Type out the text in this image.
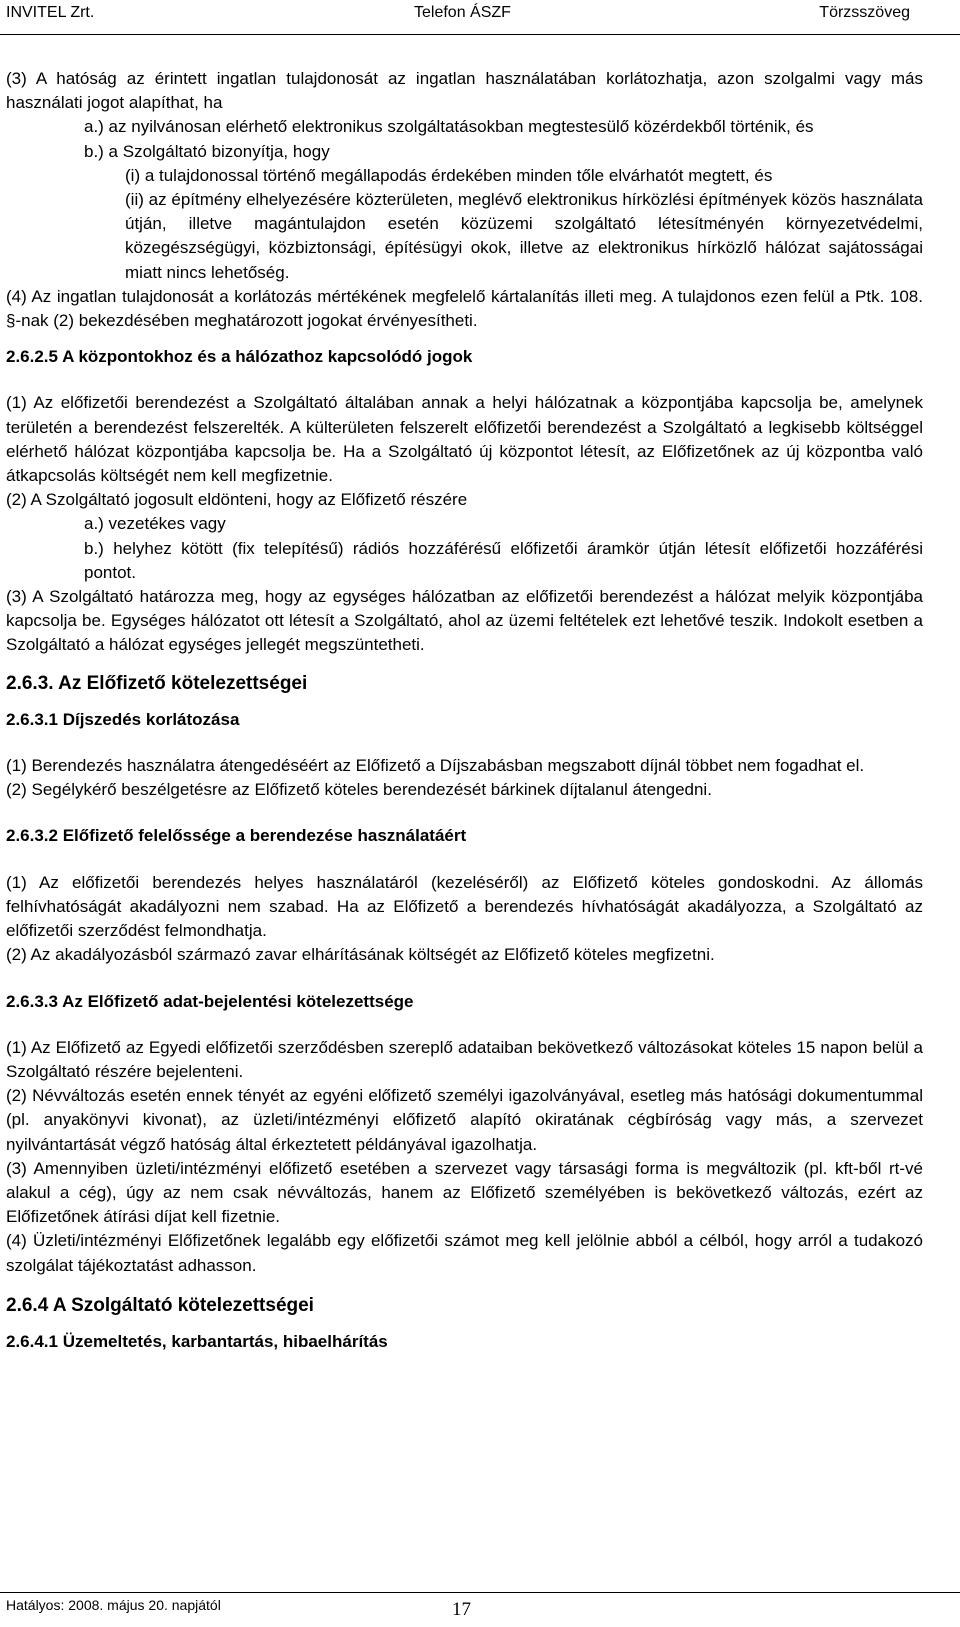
INVITEL Zrt.	Telefon ÁSZF	Törzsszöveg

(3) A hatóság az érintett ingatlan tulajdonosát az ingatlan használatában korlátozhatja, azon szolgalmi vagy más használati jogot alapíthat, ha

a.) az nyilvánosan elérhető elektronikus szolgáltatásokban megtestesülő közérdekből történik, és

b.) a Szolgáltató bizonyítja, hogy

(i) a tulajdonossal történő megállapodás érdekében minden tőle elvárhatót megtett, és

(ii) az építmény elhelyezésére közterületen, meglévő elektronikus hírközlési építmények közös használata útján, illetve magántulajdon esetén közüzemi szolgáltató létesítményén környezetvédelmi, közegészségügyi, közbiztonsági, építésügyi okok, illetve az elektronikus hírközlő hálózat sajátosságai miatt nincs lehetőség.

(4) Az ingatlan tulajdonosát a korlátozás mértékének megfelelő kártalanítás illeti meg. A tulajdonos ezen felül a Ptk. 108. §-nak (2) bekezdésében meghatározott jogokat érvényesítheti.

2.6.2.5 A központokhoz és a hálózathoz kapcsolódó jogok

(1) Az előfizetői berendezést a Szolgáltató általában annak a helyi hálózatnak a központjába kapcsolja be, amelynek területén a berendezést felszerelték. A külterületen felszerelt előfizetői berendezést a Szolgáltató a legkisebb költséggel elérhető hálózat központjába kapcsolja be. Ha a Szolgáltató új központot létesít, az Előfizetőnek az új központba való átkapcsolás költségét nem kell megfizetnie.

(2) A Szolgáltató jogosult eldönteni, hogy az Előfizető részére

a.) vezetékes vagy

b.) helyhez kötött (fix telepítésű) rádiós hozzáférésű előfizetői áramkör útján létesít előfizetői hozzáférési pontot.

(3) A Szolgáltató határozza meg, hogy az egységes hálózatban az előfizetői berendezést a hálózat melyik központjába kapcsolja be. Egységes hálózatot ott létesít a Szolgáltató, ahol az üzemi feltételek ezt lehetővé teszik. Indokolt esetben a Szolgáltató a hálózat egységes jellegét megszüntetheti.

2.6.3. Az Előfizető kötelezettségei

2.6.3.1 Díjszedés korlátozása

(1) Berendezés használatra átengedéséért az Előfizető a Díjszabásban megszabott díjnál többet nem fogadhat el.

(2) Segélykérő beszélgetésre az Előfizető köteles berendezését bárkinek díjtalanul átengedni.

2.6.3.2 Előfizető felelőssége a berendezése használatáért

(1) Az előfizetői berendezés helyes használatáról (kezeléséről) az Előfizető köteles gondoskodni. Az állomás felhívhatóságát akadályozni nem szabad. Ha az Előfizető a berendezés hívhatóságát akadályozza, a Szolgáltató az előfizetői szerződést felmondhatja.

(2) Az akadályozásból származó zavar elhárításának költségét az Előfizető köteles megfizetni.

2.6.3.3 Az Előfizető adat-bejelentési kötelezettsége

(1) Az Előfizető az Egyedi előfizetői szerződésben szereplő adataiban bekövetkező változásokat köteles 15 napon belül a Szolgáltató részére bejelenteni.

(2) Névváltozás esetén ennek tényét az egyéni előfizető személyi igazolványával, esetleg más hatósági dokumentummal (pl. anyakönyvi kivonat), az üzleti/intézményi előfizető alapító okiratának cégbíróság vagy más, a szervezet nyilvántartását végző hatóság által érkeztetett példányával igazolhatja.

(3) Amennyiben üzleti/intézményi előfizető esetében a szervezet vagy társasági forma is megváltozik (pl. kft-ből rt-vé alakul a cég), úgy az nem csak névváltozás, hanem az Előfizető személyében is bekövetkező változás, ezért az Előfizetőnek átírási díjat kell fizetnie.

(4) Üzleti/intézményi Előfizetőnek legalább egy előfizetői számot meg kell jelölnie abból a célból, hogy arról a tudakozó szolgálat tájékoztatást adhasson.

2.6.4 A Szolgáltató kötelezettségei

2.6.4.1 Üzemeltetés, karbantartás, hibaelhárítás

Hatályos: 2008. május 20. napjától	17
